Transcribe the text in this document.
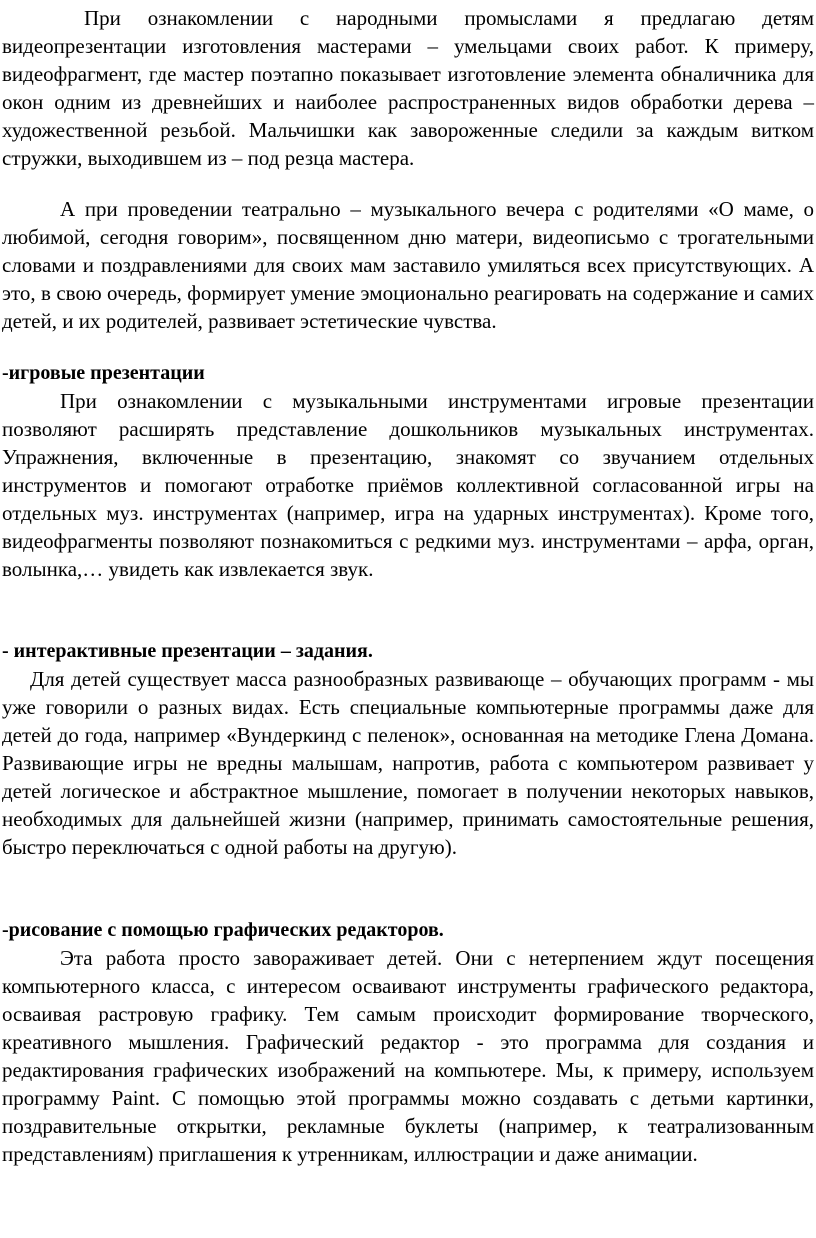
При ознакомлении с народными промыслами я предлагаю детям видеопрезентации изготовления мастерами – умельцами своих работ. К примеру, видеофрагмент, где мастер поэтапно показывает изготовление элемента обналичника для окон одним из древнейших и наиболее распространенных видов обработки дерева – художественной резьбой. Мальчишки как завороженные следили за каждым витком стружки, выходившем из – под резца мастера.

А при проведении театрально – музыкального вечера с родителями «О маме, о любимой, сегодня говорим», посвященном дню матери, видеописьмо с трогательными словами и поздравлениями для своих мам заставило умиляться всех присутствующих. А это, в свою очередь, формирует умение эмоционально реагировать на содержание и самих детей, и их родителей, развивает эстетические чувства.

-игровые презентации

При ознакомлении с музыкальными инструментами игровые презентации позволяют расширять представление дошкольников музыкальных инструментах. Упражнения, включенные в презентацию, знакомят со звучанием отдельных инструментов и помогают отработке приёмов коллективной согласованной игры на отдельных муз. инструментах (например, игра на ударных инструментах). Кроме того, видеофрагменты позволяют познакомиться с редкими муз. инструментами – арфа, орган, волынка,… увидеть как извлекается звук.

- интерактивные презентации – задания.

Для детей существует масса разнообразных развивающе – обучающих программ - мы уже говорили о разных видах. Есть специальные компьютерные программы даже для детей до года, например «Вундеркинд с пеленок», основанная на методике Глена Домана. Развивающие игры не вредны малышам, напротив, работа с компьютером развивает у детей логическое и абстрактное мышление, помогает в получении некоторых навыков, необходимых для дальнейшей жизни (например, принимать самостоятельные решения, быстро переключаться с одной работы на другую).

-рисование с помощью графических редакторов.

Эта работа просто завораживает детей. Они с нетерпением ждут посещения компьютерного класса, с интересом осваивают инструменты графического редактора, осваивая растровую графику. Тем самым происходит формирование творческого, креативного мышления. Графический редактор - это программа для создания и редактирования графических изображений на компьютере. Мы, к примеру, используем программу Paint. С помощью этой программы можно создавать с детьми картинки, поздравительные открытки, рекламные буклеты (например, к театрализованным представлениям) приглашения к утренникам, иллюстрации и даже анимации.
